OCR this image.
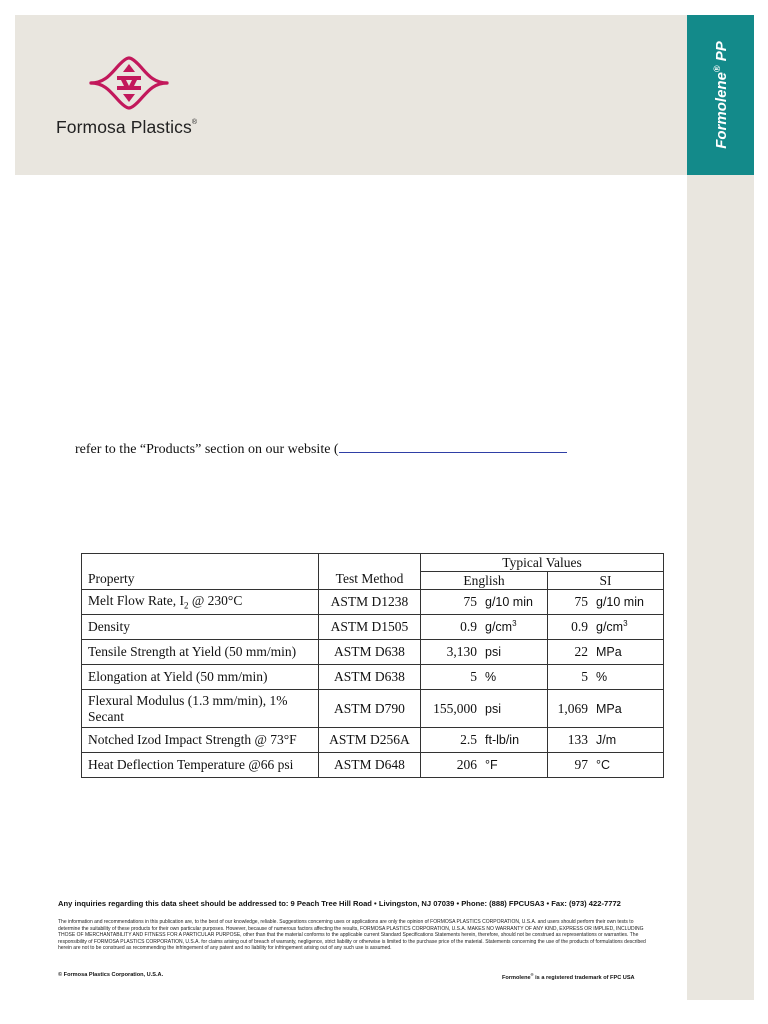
Formolene® PP
Formosa Plastics®
refer to the “Products” section on our website (
Property	Test Method	Typical Values	
		English	SI
Melt Flow Rate, $I_2$ @ 230°C	ASTM D1238	75 g/10 min	75 g/10 min

Density	ASTM D1505	0.9 $g/cm^3$	0.9 $g/cm^3$

Tensile Strength at Yield (50 mm/min)	ASTM D638	3,130 psi	22 MPa

Elongation at Yield (50 mm/min)	ASTM D638	5 %	5 %

Flexural Modulus (1.3 mm/min), 1% Secant	ASTM D790	155,000 psi	1,069 MPa

Notched Izod Impact Strength @ 73°F	ASTM D256A	2.5 ft-lb/in	133 J/m

Heat Deflection Temperature @66 psi	ASTM D648	206 °F	97 °C
Any inquiries regarding this data sheet should be addressed to: 9 Peach Tree Hill Road • Livingston, NJ 07039 • Phone: (888) FPCUSA3 • Fax: (973) 422-7772
The information and recommendations in this publication are, to the best of our knowledge, reliable. Suggestions concerning uses or applications are only the opinion of FORMOSA PLASTICS CORPORATION, U.S.A. and users should perform their own tests to determine the suitability of these products for their own particular purposes. However, because of numerous factors affecting the results, FORMOSA PLASTICS CORPORATION, U.S.A. MAKES NO WARRANTY OF ANY KIND, EXPRESS OR IMPLIED, INCLUDING THOSE OF MERCHANTABILITY AND FITNESS FOR A PARTICULAR PURPOSE, other than that the material conforms to the applicable current Standard Specifications Statements herein, therefore, should not be construed as representations or warranties. The responsibility of FORMOSA PLASTICS CORPORATION, U.S.A. for claims arising out of breach of warranty, negligence, strict liability or otherwise is limited to the purchase price of the material. Statements concerning the use of the products of formulations described herein are not to be construed as recommending the infringement of any patent and no liability for infringement arising out of any such use is assumed.
© Formosa Plastics Corporation, U.S.A.	Formolene® is a registered trademark of FPC USA
